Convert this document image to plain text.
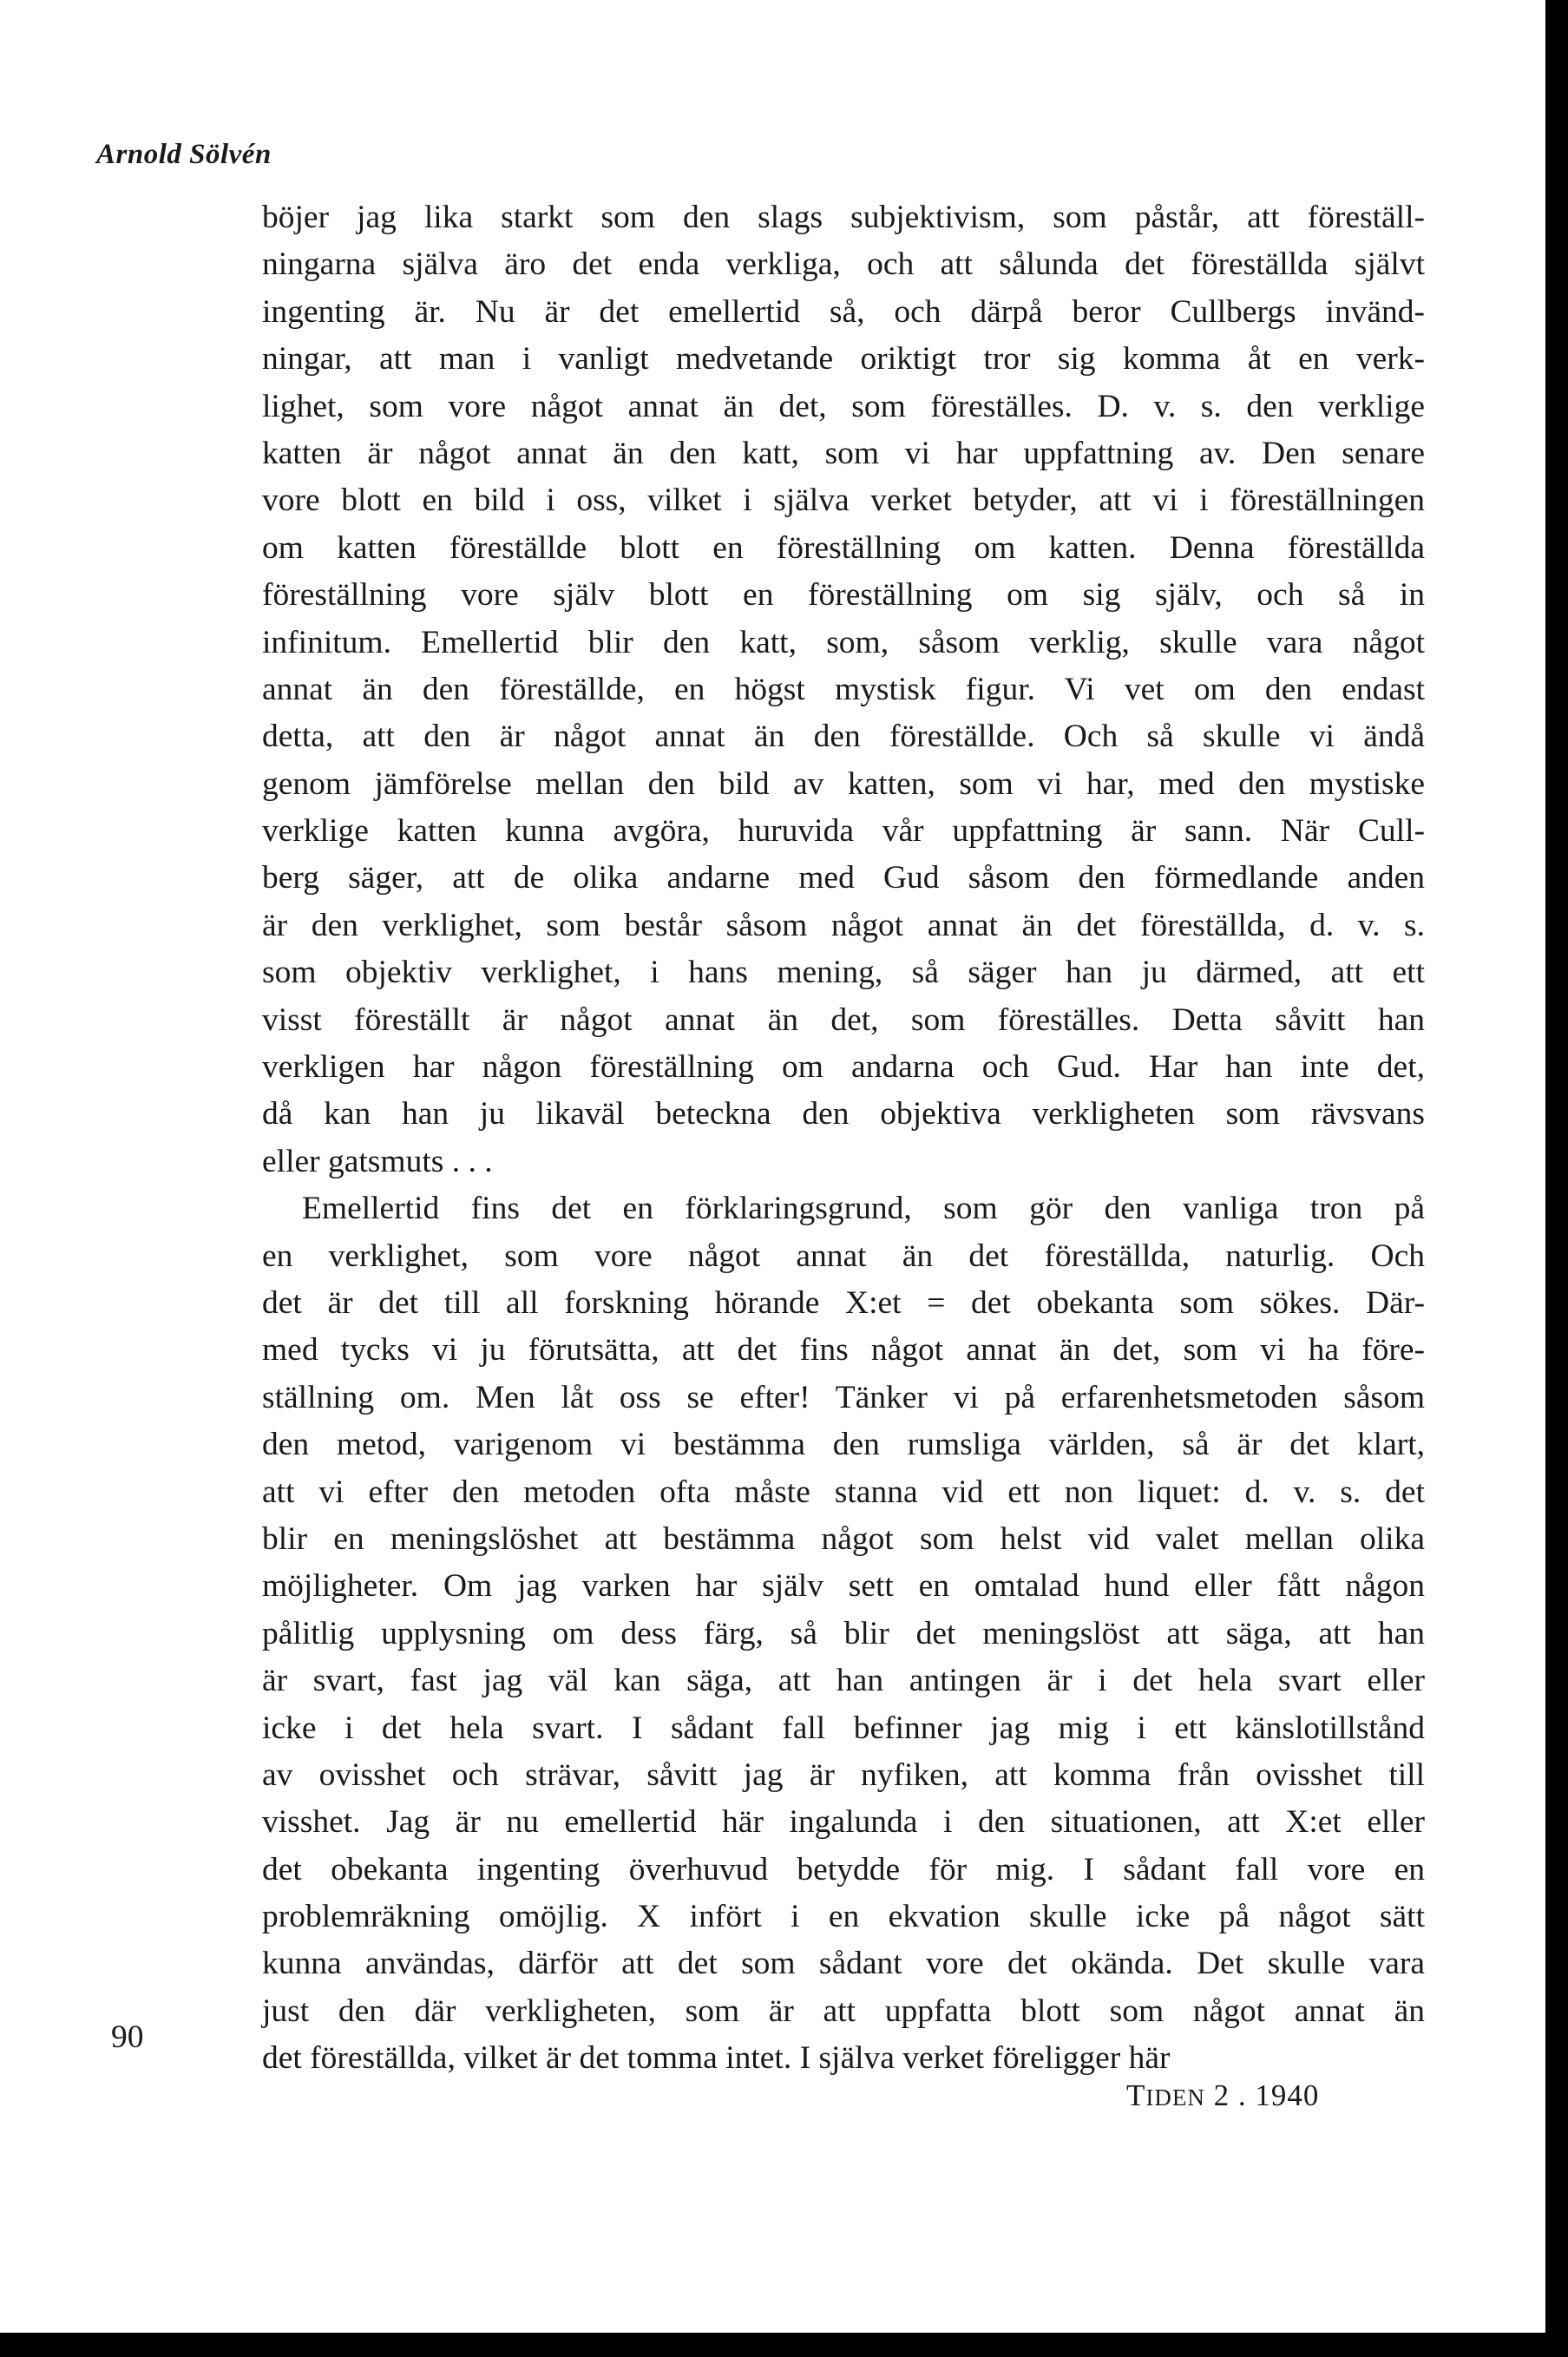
Arnold Sölvén
böjer jag lika starkt som den slags subjektivism, som påstår, att föreställ-
ningarna själva äro det enda verkliga, och att sålunda det föreställda självt
ingenting är. Nu är det emellertid så, och därpå beror Cullbergs invänd-
ningar, att man i vanligt medvetande oriktigt tror sig komma åt en verk-
lighet, som vore något annat än det, som föreställes. D. v. s. den verklige
katten är något annat än den katt, som vi har uppfattning av. Den senare
vore blott en bild i oss, vilket i själva verket betyder, att vi i föreställningen
om katten föreställde blott en föreställning om katten. Denna föreställda
föreställning vore själv blott en föreställning om sig själv, och så in
infinitum. Emellertid blir den katt, som, såsom verklig, skulle vara något
annat än den föreställde, en högst mystisk figur. Vi vet om den endast
detta, att den är något annat än den föreställde. Och så skulle vi ändå
genom jämförelse mellan den bild av katten, som vi har, med den mystiske
verklige katten kunna avgöra, huruvida vår uppfattning är sann. När Cull-
berg säger, att de olika andarne med Gud såsom den förmedlande anden
är den verklighet, som består såsom något annat än det föreställda, d. v. s.
som objektiv verklighet, i hans mening, så säger han ju därmed, att ett
visst föreställt är något annat än det, som föreställes. Detta såvitt han
verkligen har någon föreställning om andarna och Gud. Har han inte det,
då kan han ju likaväl beteckna den objektiva verkligheten som rävsvans
eller gatsmuts . . .
Emellertid fins det en förklaringsgrund, som gör den vanliga tron på
en verklighet, som vore något annat än det föreställda, naturlig. Och
det är det till all forskning hörande X:et = det obekanta som sökes. Där-
med tycks vi ju förutsätta, att det fins något annat än det, som vi ha före-
ställning om. Men låt oss se efter! Tänker vi på erfarenhetsmetoden såsom
den metod, varigenom vi bestämma den rumsliga världen, så är det klart,
att vi efter den metoden ofta måste stanna vid ett non liquet: d. v. s. det
blir en meningslöshet att bestämma något som helst vid valet mellan olika
möjligheter. Om jag varken har själv sett en omtalad hund eller fått någon
pålitlig upplysning om dess färg, så blir det meningslöst att säga, att han
är svart, fast jag väl kan säga, att han antingen är i det hela svart eller
icke i det hela svart. I sådant fall befinner jag mig i ett känslotillstånd
av ovisshet och strävar, såvitt jag är nyfiken, att komma från ovisshet till
visshet. Jag är nu emellertid här ingalunda i den situationen, att X:et eller
det obekanta ingenting överhuvud betydde för mig. I sådant fall vore en
problemräkning omöjlig. X infört i en ekvation skulle icke på något sätt
kunna användas, därför att det som sådant vore det okända. Det skulle vara
just den där verkligheten, som är att uppfatta blott som något annat än
det föreställda, vilket är det tomma intet. I själva verket föreligger här
90
TIDEN 2 . 1940
